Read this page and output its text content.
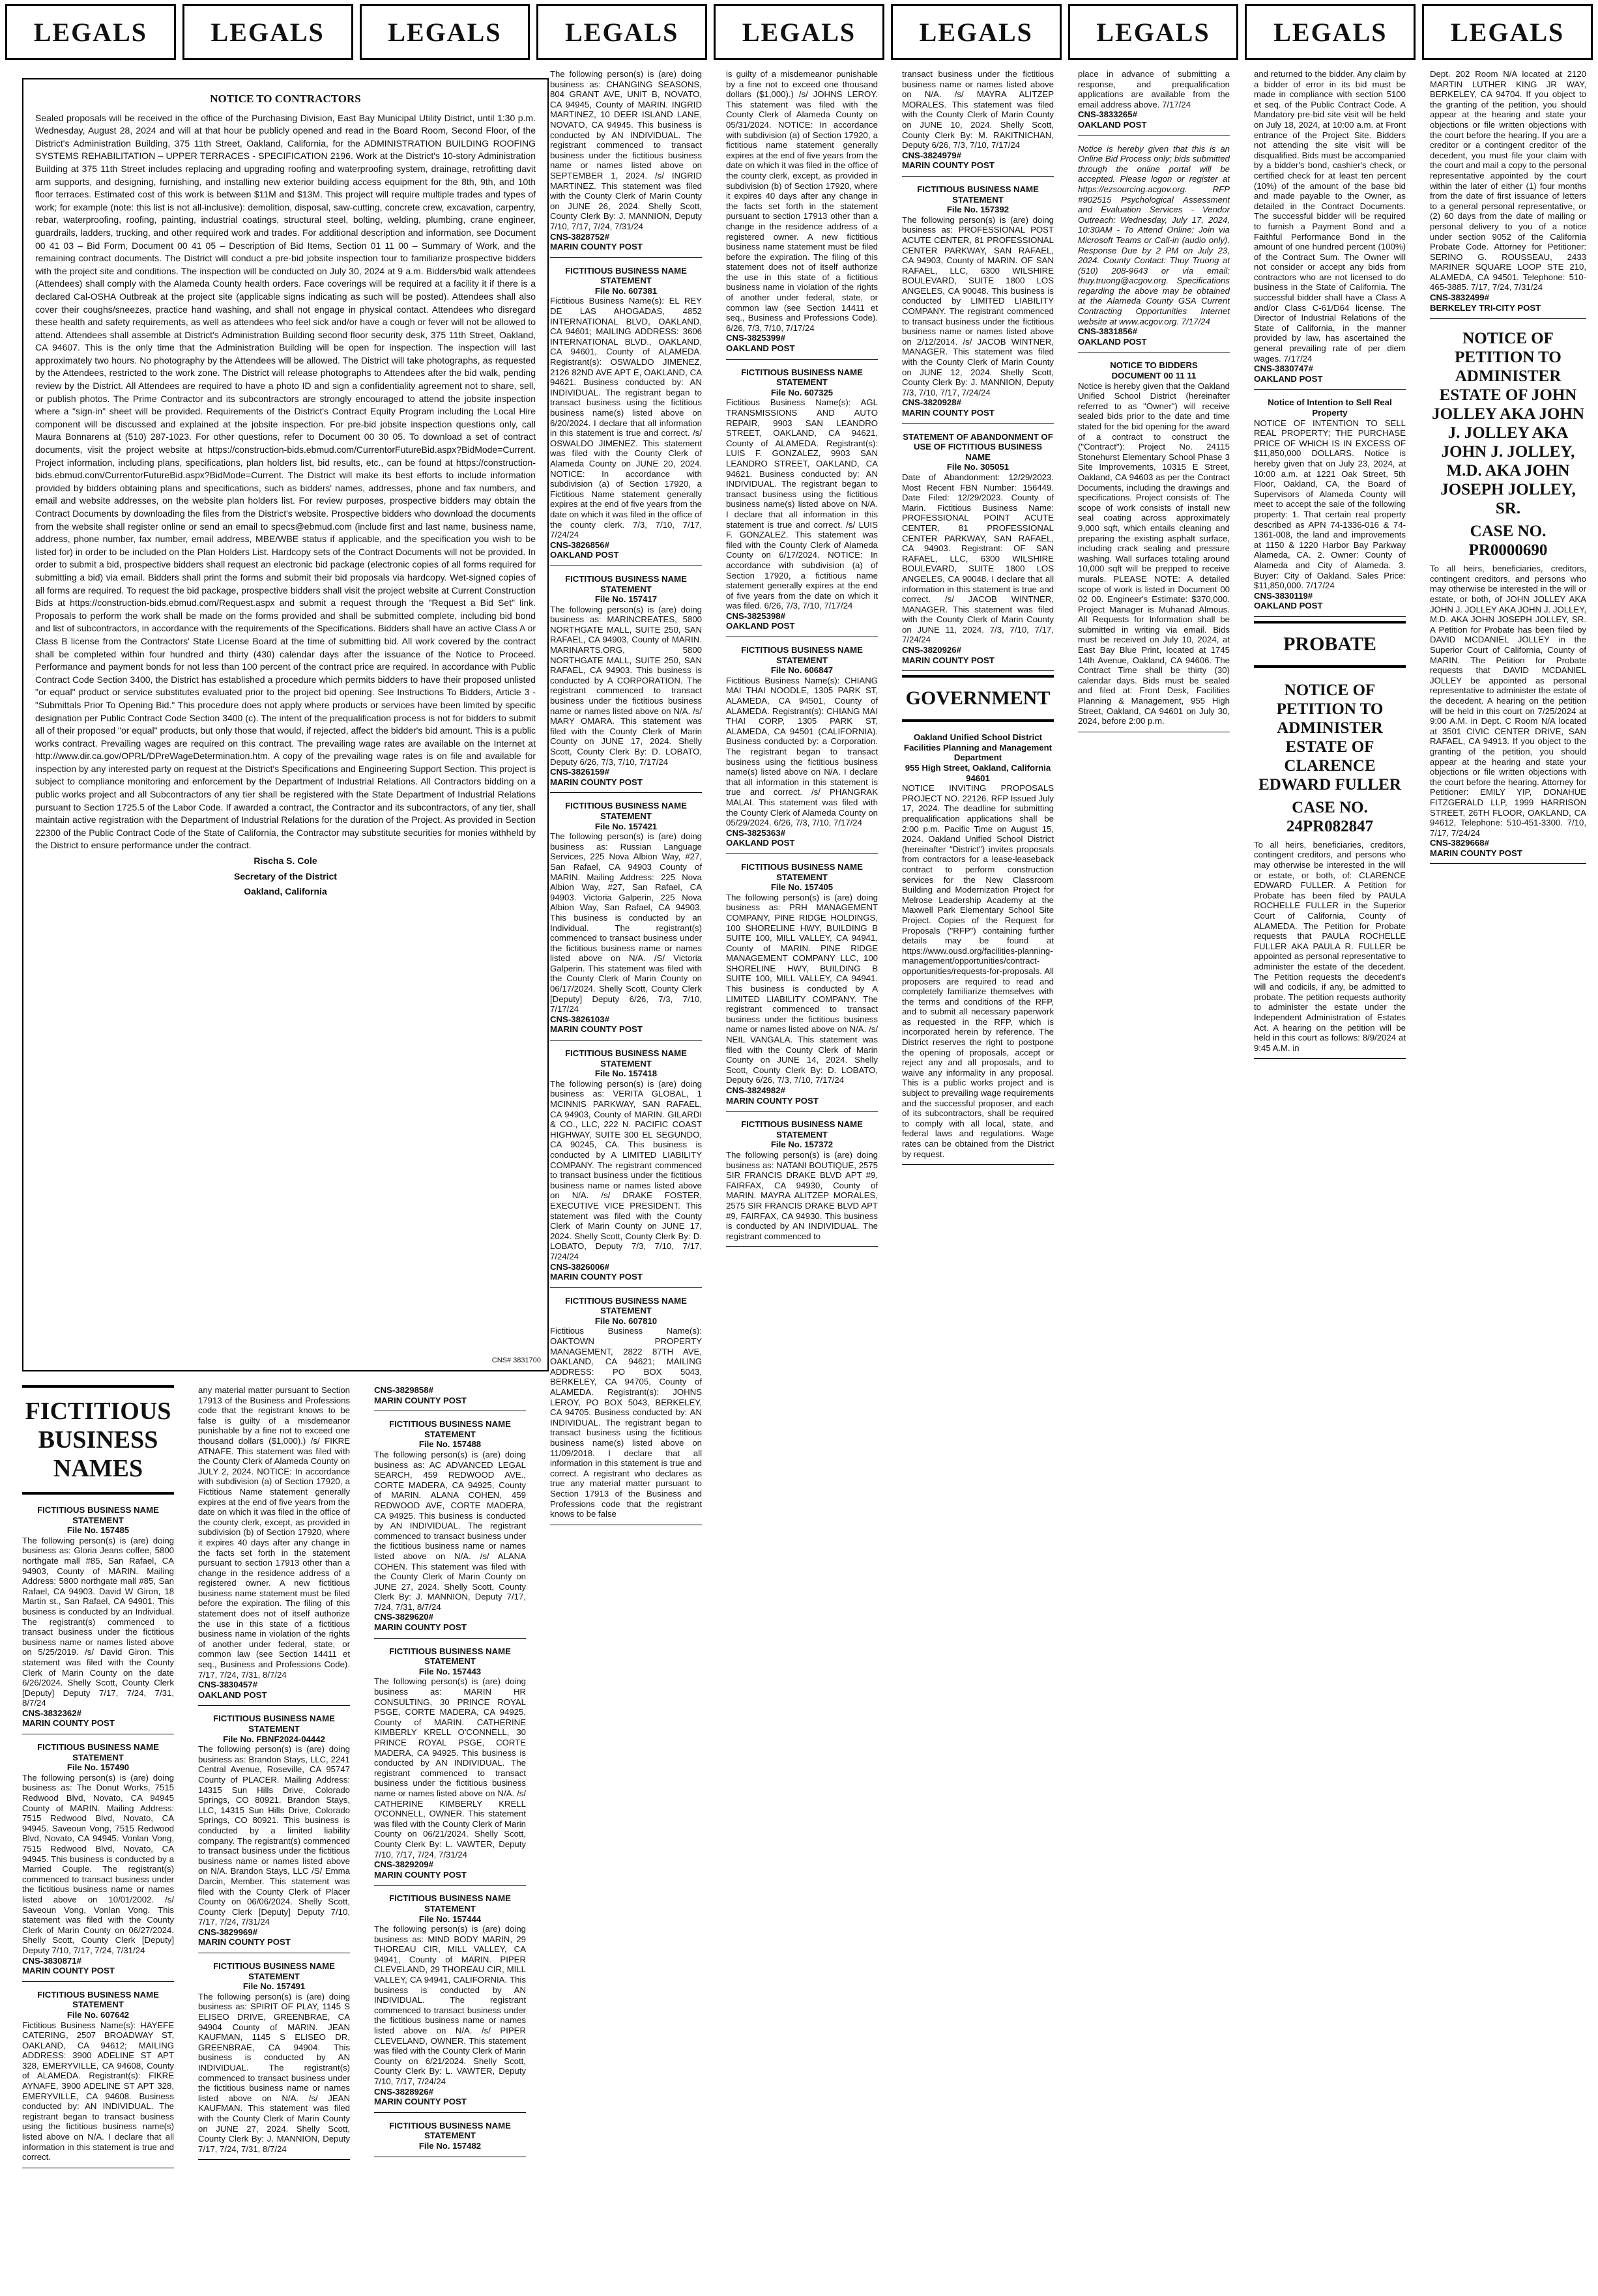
LEGALS LEGALS LEGALS LEGALS LEGALS LEGALS LEGALS LEGALS LEGALS
NOTICE TO CONTRACTORS

Sealed proposals will be received in the office of the Purchasing Division, East Bay Municipal Utility District, until 1:30 p.m. Wednesday, August 28, 2024 and will at that hour be publicly opened and read in the Board Room, Second Floor, of the District's Administration Building, 375 11th Street, Oakland, California, for the ADMINISTRATION BUILDING ROOFING SYSTEMS REHABILITATION – UPPER TERRACES - SPECIFICATION 2196. Work at the District's 10-story Administration Building at 375 11th Street includes replacing and upgrading roofing and waterproofing system, drainage, retrofitting davit arm supports, and designing, furnishing, and installing new exterior building access equipment for the 8th, 9th, and 10th floor terraces. Estimated cost of this work is between $11M and $13M. This project will require multiple trades and types of work; for example (note: this list is not all-inclusive): demolition, disposal, saw-cutting, concrete crew, excavation, carpentry, rebar, waterproofing, roofing, painting, industrial coatings, structural steel, bolting, welding, plumbing, crane engineer, guardrails, ladders, trucking, and other required work and trades. For additional description and information, see Document 00 41 03 – Bid Form, Document 00 41 05 – Description of Bid Items, Section 01 11 00 – Summary of Work, and the remaining contract documents. The District will conduct a pre-bid jobsite inspection tour to familiarize prospective bidders with the project site and conditions. The inspection will be conducted on July 30, 2024 at 9 a.m. Bidders/bid walk attendees (Attendees) shall comply with the Alameda County health orders. Face coverings will be required at a facility it if there is a declared Cal-OSHA Outbreak at the project site (applicable signs indicating as such will be posted). Attendees shall also cover their coughs/sneezes, practice hand washing, and shall not engage in physical contact. Attendees who disregard these health and safety requirements, as well as attendees who feel sick and/or have a cough or fever will not be allowed to attend. Attendees shall assemble at District's Administration Building second floor security desk, 375 11th Street, Oakland, CA 94607. This is the only time that the Administration Building will be open for inspection. The inspection will last approximately two hours. No photography by the Attendees will be allowed. The District will take photographs, as requested by the Attendees, restricted to the work zone. The District will release photographs to Attendees after the bid walk, pending review by the District. All Attendees are required to have a photo ID and sign a confidentiality agreement not to share, sell, or publish photos. The Prime Contractor and its subcontractors are strongly encouraged to attend the jobsite inspection where a "sign-in" sheet will be provided. Requirements of the District's Contract Equity Program including the Local Hire component will be discussed and explained at the jobsite inspection. For pre-bid jobsite inspection questions only, call Maura Bonnarens at (510) 287-1023. For other questions, refer to Document 00 30 05. To download a set of contract documents, visit the project website at https://construction-bids.ebmud.com/CurrentorFutureBid.aspx?BidMode=Current. Project information, including plans, specifications, plan holders list, bid results, etc., can be found at https://construction-bids.ebmud.com/CurrentorFutureBid.aspx?BidMode=Current. The District will make its best efforts to include information provided by bidders obtaining plans and specifications, such as bidders' names, addresses, phone and fax numbers, and email and website addresses, on the website plan holders list. For review purposes, prospective bidders may obtain the Contract Documents by downloading the files from the District's website. Prospective bidders who download the documents from the website shall register online or send an email to specs@ebmud.com (include first and last name, business name, address, phone number, fax number, email address, MBE/WBE status if applicable, and the specification you wish to be listed for) in order to be included on the Plan Holders List. Hardcopy sets of the Contract Documents will not be provided. In order to submit a bid, prospective bidders shall request an electronic bid package (electronic copies of all forms required for submitting a bid) via email. Bidders shall print the forms and submit their bid proposals via hardcopy. Wet-signed copies of all forms are required. To request the bid package, prospective bidders shall visit the project website at Current Construction Bids at https://construction-bids.ebmud.com/Request.aspx and submit a request through the "Request a Bid Set" link. Proposals to perform the work shall be made on the forms provided and shall be submitted complete, including bid bond and list of subcontractors, in accordance with the requirements of the Specifications. Bidders shall have an active Class A or Class B license from the Contractors' State License Board at the time of submitting bid. All work covered by the contract shall be completed within four hundred and thirty (430) calendar days after the issuance of the Notice to Proceed. Performance and payment bonds for not less than 100 percent of the contract price are required. In accordance with Public Contract Code Section 3400, the District has established a procedure which permits bidders to have their proposed unlisted "or equal" product or service substitutes evaluated prior to the project bid opening. See Instructions To Bidders, Article 3 - "Submittals Prior To Opening Bid." This procedure does not apply where products or services have been limited by specific designation per Public Contract Code Section 3400 (c). The intent of the prequalification process is not for bidders to submit all of their proposed "or equal" products, but only those that would, if rejected, affect the bidder's bid amount. This is a public works contract. Prevailing wages are required on this contract. The prevailing wage rates are available on the Internet at http://www.dir.ca.gov/OPRL/DPreWageDetermination.htm. A copy of the prevailing wage rates is on file and available for inspection by any interested party on request at the District's Specifications and Engineering Support Section. This project is subject to compliance monitoring and enforcement by the Department of Industrial Relations. All Contractors bidding on a public works project and all Subcontractors of any tier shall be registered with the State Department of Industrial Relations pursuant to Section 1725.5 of the Labor Code. If awarded a contract, the Contractor and its subcontractors, of any tier, shall maintain active registration with the Department of Industrial Relations for the duration of the Project. As provided in Section 22300 of the Public Contract Code of the State of California, the Contractor may substitute securities for monies withheld by the District to ensure performance under the contract.

Rischa S. Cole
Secretary of the District
Oakland, California
CNS# 3831700
FICTITIOUS BUSINESS NAMES
FICTITIOUS BUSINESS NAME STATEMENT
File No. 157485
The following person(s) is (are) doing business as: Gloria Jeans coffee, 5800 northgate mall #85, San Rafael, CA 94903, County of MARIN. Mailing Address: 5800 northgate mall #85, San Rafael, CA 94903. David W Giron, 18 Martin st., San Rafael, CA 94901. This business is conducted by an Individual. The registrant(s) commenced to transact business under the fictitious business name or names listed above on 5/25/2019. /s/ David Giron. This statement was filed with the County Clerk of Marin County on the date 6/26/2024. Shelly Scott, County Clerk [Deputy] Deputy 7/17, 7/24, 7/31, 8/7/24
CNS-3832362#
MARIN COUNTY POST
FICTITIOUS BUSINESS NAME STATEMENT
File No. 157490
The following person(s) is (are) doing business as: The Donut Works, 7515 Redwood Blvd, Novato, CA 94945 County of MARIN. Mailing Address: 7515 Redwood Blvd, Novato, CA 94945. Saveoun Vong, 7515 Redwood Blvd, Novato, CA 94945. Vonlan Vong, 7515 Redwood Blvd, Novato, CA 94945. This business is conducted by a Married Couple. The registrant(s) commenced to transact business under the fictitious business name or names listed above on 10/01/2002. /s/ Saveoun Vong, Vonlan Vong. This statement was filed with the County Clerk of Marin County on 06/27/2024. Shelly Scott, County Clerk [Deputy] Deputy 7/10, 7/17, 7/24, 7/31/24
CNS-3830871#
MARIN COUNTY POST
FICTITIOUS BUSINESS NAME STATEMENT
File No. 607642
Fictitious Business Name(s): HAYEFE CATERING, 2507 BROADWAY ST, OAKLAND, CA 94612; MAILING ADDRESS: 3900 ADELINE ST APT 328, EMERYVILLE, CA 94608, County of ALAMEDA. Registrant(s): FIKRE AYNAFE, 3900 ADELINE ST APT 328, EMERYVILLE, CA 94608. Business conducted by: AN INDIVIDUAL. The registrant began to transact business using the fictitious business name(s) listed above on N/A. I declare that all information in this statement is true and correct.
any material matter pursuant to Section 17913 of the Business and Professions code that the registrant knows to be false is guilty of a misdemeanor punishable by a fine not to exceed one thousand dollars ($1,000).) /s/ FIKRE ATNAFE. This statement was filed with the County Clerk of Alameda County on JULY 2, 2024. NOTICE: In accordance with subdivision (a) of Section 17920, a Fictitious Name statement generally expires at the end of five years from the date on which it was filed in the office of the county clerk, except, as provided in subdivision (b) of Section 17920, where it expires 40 days after any change in the facts set forth in the statement pursuant to section 17913 other than a change in the residence address of a registered owner. A new fictitious business name statement must be filed before the expiration. The filing of this statement does not of itself authorize the use in this state of a fictitious business name in violation of the rights of another under federal, state, or common law (see Section 14411 et seq., Business and Professions Code). 7/17, 7/24, 7/31, 8/7/24
CNS-3830457#
OAKLAND POST
FICTITIOUS BUSINESS NAME STATEMENT
File No. FBNF2024-04442
The following person(s) is (are) doing business as: Brandon Stays, LLC, 2241 Central Avenue, Roseville, CA 95747 County of PLACER. Mailing Address: 14315 Sun Hills Drive, Colorado Springs, CO 80921. Brandon Stays, LLC, 14315 Sun Hills Drive, Colorado Springs, CO 80921. This business is conducted by a limited liability company. The registrant(s) commenced to transact business under the fictitious business name or names listed above on N/A. Brandon Stays, LLC /S/ Emma Darcin, Member. This statement was filed with the County Clerk of Placer County on 06/06/2024. Shelly Scott, County Clerk [Deputy] Deputy 7/10, 7/17, 7/24, 7/31/24
CNS-3829969#
MARIN COUNTY POST
FICTITIOUS BUSINESS NAME STATEMENT
File No. 157491
The following person(s) is (are) doing business as: SPIRIT OF PLAY, 1145 S ELISEO DRIVE, GREENBRAE, CA 94904 County of MARIN. JEAN KAUFMAN, 1145 S ELISEO DR, GREENBRAE, CA 94904. This business is conducted by AN INDIVIDUAL. The registrant(s) commenced to transact business under the fictitious business name or names listed above on N/A. /s/ JEAN KAUFMAN. This statement was filed with the County Clerk of Marin County on JUNE 27, 2024. Shelly Scott, County Clerk By: J. MANNION, Deputy 7/17, 7/24, 7/31, 8/7/24
CNS-3829858#
MARIN COUNTY POST
FICTITIOUS BUSINESS NAME STATEMENT
File No. 157488
The following person(s) is (are) doing business as: AC ADVANCED LEGAL SEARCH, 459 REDWOOD AVE., CORTE MADERA, CA 94925, County of MARIN. ALANA COHEN, 459 REDWOOD AVE, CORTE MADERA, CA 94925. This business is conducted by AN INDIVIDUAL. The registrant commenced to transact business under the fictitious business name or names listed above on N/A. /s/ ALANA COHEN. This statement was filed with the County Clerk of Marin County on JUNE 27, 2024. Shelly Scott, County Clerk By: J. MANNION, Deputy 7/17, 7/24, 7/31, 8/7/24
CNS-3829620#
MARIN COUNTY POST
FICTITIOUS BUSINESS NAME STATEMENT
File No. 157443
The following person(s) is (are) doing business as: MARIN HR CONSULTING, 30 PRINCE ROYAL PSGE, CORTE MADERA, CA 94925, County of MARIN. CATHERINE KIMBERLY KRELL O'CONNELL, 30 PRINCE ROYAL PSGE, CORTE MADERA, CA 94925. This business is conducted by AN INDIVIDUAL. The registrant commenced to transact business under the fictitious business name or names listed above on N/A. /s/ CATHERINE KIMBERLY KRELL O'CONNELL, OWNER. This statement was filed with the County Clerk of Marin County on 06/21/2024. Shelly Scott, County Clerk By: L. VAWTER, Deputy 7/10, 7/17, 7/24, 7/31/24
CNS-3829209#
MARIN COUNTY POST
FICTITIOUS BUSINESS NAME STATEMENT
File No. 157444
The following person(s) is (are) doing business as: MIND BODY MARIN, 29 THOREAU CIR, MILL VALLEY, CA 94941, County of MARIN. PIPER CLEVELAND, 29 THOREAU CIR, MILL VALLEY, CA 94941, CALIFORNIA. This business is conducted by AN INDIVIDUAL. The registrant commenced to transact business under the fictitious business name or names listed above on N/A. /s/ PIPER CLEVELAND, OWNER. This statement was filed with the County Clerk of Marin County on 6/21/2024. Shelly Scott, County Clerk By: L. VAWTER, Deputy 7/10, 7/17, 7/24/24
CNS-3828926#
MARIN COUNTY POST
FICTITIOUS BUSINESS NAME STATEMENT
File No. 157482
The following person(s) is (are) doing business as: CHANGING SEASONS, 804 GRANT AVE, UNIT B, NOVATO, CA 94945, County of MARIN. INGRID MARTINEZ, 10 DEER ISLAND LANE, NOVATO, CA 94945. This business is conducted by AN INDIVIDUAL. The registrant commenced to transact business under the fictitious business name or names listed above on SEPTEMBER 1, 2024. /s/ INGRID MARTINEZ. This statement was filed with the County Clerk of Marin County on JUNE 26, 2024. Shelly Scott, County Clerk By: J. MANNION, Deputy 7/10, 7/17, 7/24, 7/31/24
CNS-3828752#
MARIN COUNTY POST
FICTITIOUS BUSINESS NAME STATEMENT
File No. 607381
Fictitious Business Name(s): EL REY DE LAS AHOGADAS, 4852 INTERNATIONAL BLVD, OAKLAND, CA 94601; MAILING ADDRESS: 3606 INTERNATIONAL BLVD., OAKLAND, CA 94601, County of ALAMEDA. Registrant(s): OSWALDO JIMENEZ, 2126 82ND AVE APT E, OAKLAND, CA 94621. Business conducted by: AN INDIVIDUAL. The registrant began to transact business using the fictitious business name(s) listed above on 6/20/2024. I declare that all information in this statement is true and correct. /s/ OSWALDO JIMENEZ. This statement was filed with the County Clerk of Alameda County on JUNE 20, 2024. NOTICE: In accordance with subdivision (a) of Section 17920, a Fictitious Name statement generally expires at the end of five years from the date on which it was filed in the office of the county clerk. 7/3, 7/10, 7/17, 7/24/24
CNS-3826856#
OAKLAND POST
FICTITIOUS BUSINESS NAME STATEMENT
File No. 157417
The following person(s) is (are) doing business as: MARINCREATES, 5800 NORTHGATE MALL, SUITE 250, SAN RAFAEL, CA 94903, County of MARIN. MARINARTS.ORG, 5800 NORTHGATE MALL, SUITE 250, SAN RAFAEL, CA 94903. This business is conducted by A CORPORATION. The registrant commenced to transact business under the fictitious business name or names listed above on N/A. /s/ MARY OMARA. This statement was filed with the County Clerk of Marin County on JUNE 17, 2024. Shelly Scott, County Clerk By: D. LOBATO, Deputy 6/26, 7/3, 7/10, 7/17/24
CNS-3826159#
MARIN COUNTY POST
FICTITIOUS BUSINESS NAME STATEMENT
File No. 157421
The following person(s) is (are) doing business as: Russian Language Services, 225 Nova Albion Way, #27, San Rafael, CA 94903 County of MARIN. Mailing Address: 225 Nova Albion Way, #27, San Rafael, CA 94903. Victoria Galperin, 225 Nova Albion Way, San Rafael, CA 94903. This business is conducted by an Individual. The registrant(s) commenced to transact business under the fictitious business name or names listed above on N/A. /S/ Victoria Galperin. This statement was filed with the County Clerk of Marin County on 06/17/2024. Shelly Scott, County Clerk [Deputy] Deputy 6/26, 7/3, 7/10, 7/17/24
CNS-3826103#
MARIN COUNTY POST
FICTITIOUS BUSINESS NAME STATEMENT
File No. 157418
The following person(s) is (are) doing business as: VERITA GLOBAL, 1 MCINNIS PARKWAY, SAN RAFAEL, CA 94903, County of MARIN. GILARDI & CO., LLC, 222 N. PACIFIC COAST HIGHWAY, SUITE 300 EL SEGUNDO, CA 90245, CA. This business is conducted by A LIMITED LIABILITY COMPANY. The registrant commenced to transact business under the fictitious business name or names listed above on N/A. /s/ DRAKE FOSTER, EXECUTIVE VICE PRESIDENT. This statement was filed with the County Clerk of Marin County on JUNE 17, 2024. Shelly Scott, County Clerk By: D. LOBATO, Deputy 7/3, 7/10, 7/17, 7/24/24
CNS-3826006#
MARIN COUNTY POST
FICTITIOUS BUSINESS NAME STATEMENT
File No. 607810
Fictitious Business Name(s): OAKTOWN PROPERTY MANAGEMENT, 2822 87TH AVE, OAKLAND, CA 94621; MAILING ADDRESS: PO BOX 5043, BERKELEY, CA 94705, County of ALAMEDA. Registrant(s): JOHNS LEROY, PO BOX 5043, BERKELEY, CA 94705. Business conducted by: AN INDIVIDUAL. The registrant began to transact business using the fictitious business name(s) listed above on 11/09/2018. I declare that all information in this statement is true and correct. A registrant who declares as true any material matter pursuant to Section 17913 of the Business and Professions code that the registrant knows to be false
is guilty of a misdemeanor punishable by a fine not to exceed one thousand dollars ($1,000).) /s/ JOHNS LEROY. This statement was filed with the County Clerk of Alameda County on 05/31/2024. NOTICE: In accordance with subdivision (a) of Section 17920, a fictitious name statement generally expires at the end of five years from the date on which it was filed in the office of the county clerk, except, as provided in subdivision (b) of Section 17920, where it expires 40 days after any change in the facts set forth in the statement pursuant to section 17913 other than a change in the residence address of a registered owner. A new fictitious business name statement must be filed before the expiration. The filing of this statement does not of itself authorize the use in this state of a fictitious business name in violation of the rights of another under federal, state, or common law (see Section 14411 et seq., Business and Professions Code). 6/26, 7/3, 7/10, 7/17/24
CNS-3825399#
OAKLAND POST
FICTITIOUS BUSINESS NAME STATEMENT
File No. 607325
Fictitious Business Name(s): AGL TRANSMISSIONS AND AUTO REPAIR, 9903 SAN LEANDRO STREET, OAKLAND, CA 94621, County of ALAMEDA. Registrant(s): LUIS F. GONZALEZ, 9903 SAN LEANDRO STREET, OAKLAND, CA 94621. Business conducted by: AN INDIVIDUAL. The registrant began to transact business using the fictitious business name(s) listed above on N/A. I declare that all information in this statement is true and correct. /s/ LUIS F. GONZALEZ. This statement was filed with the County Clerk of Alameda County on 6/17/2024. NOTICE: In accordance with subdivision (a) of Section 17920, a fictitious name statement generally expires at the end of five years from the date on which it was filed. 6/26, 7/3, 7/10, 7/17/24
CNS-3825398#
OAKLAND POST
FICTITIOUS BUSINESS NAME STATEMENT
File No. 606847
Fictitious Business Name(s): CHIANG MAI THAI NOODLE, 1305 PARK ST, ALAMEDA, CA 94501, County of ALAMEDA. Registrant(s): CHIANG MAI THAI CORP, 1305 PARK ST, ALAMEDA, CA 94501 (CALIFORNIA). Business conducted by: a Corporation. The registrant began to transact business using the fictitious business name(s) listed above on N/A. I declare that all information in this statement is true and correct. /s/ PHANGRAK MALAI. This statement was filed with the County Clerk of Alameda County on 05/29/2024. 6/26, 7/3, 7/10, 7/17/24
CNS-3825363#
OAKLAND POST
FICTITIOUS BUSINESS NAME STATEMENT
File No. 157405
The following person(s) is (are) doing business as: PRH MANAGEMENT COMPANY, PINE RIDGE HOLDINGS, 100 SHORELINE HWY, BUILDING B SUITE 100, MILL VALLEY, CA 94941, County of MARIN. PINE RIDGE MANAGEMENT COMPANY LLC, 100 SHORELINE HWY, BUILDING B SUITE 100, MILL VALLEY, CA 94941. This business is conducted by A LIMITED LIABILITY COMPANY. The registrant commenced to transact business under the fictitious business name or names listed above on N/A. /s/ NEIL VANGALA. This statement was filed with the County Clerk of Marin County on JUNE 14, 2024. Shelly Scott, County Clerk By: D. LOBATO, Deputy 6/26, 7/3, 7/10, 7/17/24
CNS-3824982#
MARIN COUNTY POST
FICTITIOUS BUSINESS NAME STATEMENT
File No. 157372
The following person(s) is (are) doing business as: NATANI BOUTIQUE, 2575 SIR FRANCIS DRAKE BLVD APT #9, FAIRFAX, CA 94930, County of MARIN. MAYRA ALITZEP MORALES, 2575 SIR FRANCIS DRAKE BLVD APT #9, FAIRFAX, CA 94930. This business is conducted by AN INDIVIDUAL. The registrant commenced to
transact business under the fictitious business name or names listed above on N/A. /s/ MAYRA ALITZEP MORALES. This statement was filed with the County Clerk of Marin County on JUNE 10, 2024. Shelly Scott, County Clerk By: M. RAKITNICHAN, Deputy 6/26, 7/3, 7/10, 7/17/24
CNS-3824979#
MARIN COUNTY POST
FICTITIOUS BUSINESS NAME STATEMENT
File No. 157392
The following person(s) is (are) doing business as: PROFESSIONAL POST ACUTE CENTER, 81 PROFESSIONAL CENTER PARKWAY, SAN RAFAEL, CA 94903, County of MARIN. OF SAN RAFAEL, LLC, 6300 WILSHIRE BOULEVARD, SUITE 1800 LOS ANGELES, CA 90048. This business is conducted by LIMITED LIABILITY COMPANY. The registrant commenced to transact business under the fictitious business name or names listed above on 2/12/2014. /s/ JACOB WINTNER, MANAGER. This statement was filed with the County Clerk of Marin County on JUNE 12, 2024. Shelly Scott, County Clerk By: J. MANNION, Deputy 7/3, 7/10, 7/17, 7/24/24
CNS-3820928#
MARIN COUNTY POST
STATEMENT OF ABANDONMENT OF USE OF FICTITIOUS BUSINESS NAME
File No. 305051
Date of Abandonment: 12/29/2023. Most Recent FBN Number: 156449. Date Filed: 12/29/2023. County of Marin. Fictitious Business Name: PROFESSIONAL POINT ACUTE CENTER, 81 PROFESSIONAL CENTER PARKWAY, SAN RAFAEL, CA 94903. Registrant: OF SAN RAFAEL, LLC, 6300 WILSHIRE BOULEVARD, SUITE 1800 LOS ANGELES, CA 90048. I declare that all information in this statement is true and correct. /s/ JACOB WINTNER, MANAGER. This statement was filed with the County Clerk of Marin County on JUNE 11, 2024. 7/3, 7/10, 7/17, 7/24/24
CNS-3820926#
MARIN COUNTY POST
GOVERNMENT
Oakland Unified School District Facilities Planning and Management Department
955 High Street, Oakland, California 94601
NOTICE INVITING PROPOSALS PROJECT NO. 22126. RFP Issued July 17, 2024. The deadline for submitting prequalification applications shall be 2:00 p.m. Pacific Time on August 15, 2024. Oakland Unified School District (hereinafter "District") invites proposals from contractors for a lease-leaseback contract to perform construction services for the New Classroom Building and Modernization Project for Melrose Leadership Academy at the Maxwell Park Elementary School Site Project. Copies of the Request for Proposals ("RFP") containing further details may be found at https://www.ousd.org/facilities-planning-management/opportunities/contract-opportunities/requests-for-proposals. All proposers are required to read and completely familiarize themselves with the terms and conditions of the RFP, and to submit all necessary paperwork as requested in the RFP, which is incorporated herein by reference. The District reserves the right to postpone the opening of proposals, accept or reject any and all proposals, and to waive any informality in any proposal. This is a public works project and is subject to prevailing wage requirements and the successful proposer, and each of its subcontractors, shall be required to comply with all local, state, and federal laws and regulations. Wage rates can be obtained from the District by request.
place in advance of submitting a response, and prequalification applications are available from the email address above. 7/17/24
CNS-3833265#
OAKLAND POST
Notice is hereby given that this is an Online Bid Process only; bids submitted through the online portal will be accepted. Please logon or register at https://ezsourcing.acgov.org. RFP #902515 Psychological Assessment and Evaluation Services - Vendor Outreach: Wednesday, July 17, 2024, 10:30AM - To Attend Online: Join via Microsoft Teams or Call-in (audio only). Response Due by 2 PM on July 23, 2024. County Contact: Thuy Truong at (510) 208-9643 or via email: thuy.truong@acgov.org. Specifications regarding the above may be obtained at the Alameda County GSA Current Contracting Opportunities Internet website at www.acgov.org. 7/17/24
CNS-3831856#
OAKLAND POST
NOTICE TO BIDDERS
DOCUMENT 00 11 11
Notice is hereby given that the Oakland Unified School District (hereinafter referred to as "Owner") will receive sealed bids prior to the date and time stated for the bid opening for the award of a contract to construct the ("Contract"): Project No. 24115 Stonehurst Elementary School Phase 3 Site Improvements, 10315 E Street, Oakland, CA 94603 as per the Contract Documents, including the drawings and specifications. Project consists of: The scope of work consists of install new seal coating across approximately 9,000 sqft, which entails cleaning and preparing the existing asphalt surface, including crack sealing and pressure washing. Wall surfaces totaling around 10,000 sqft will be prepped to receive murals. PLEASE NOTE: A detailed scope of work is listed in Document 00 02 00. Engineer's Estimate: $370,000. Project Manager is Muhanad Almous. All Requests for Information shall be submitted in writing via email. Bids must be received on July 10, 2024, at East Bay Blue Print, located at 1745 14th Avenue, Oakland, CA 94606. The Contract Time shall be thirty (30) calendar days. Bids must be sealed and filed at: Front Desk, Facilities Planning & Management, 955 High Street, Oakland, CA 94601 on July 30, 2024, before 2:00 p.m.
and returned to the bidder. Any claim by a bidder of error in its bid must be made in compliance with section 5100 et seq. of the Public Contract Code. A Mandatory pre-bid site visit will be held on July 18, 2024, at 10:00 a.m. at Front entrance of the Project Site. Bidders not attending the site visit will be disqualified. Bids must be accompanied by a bidder's bond, cashier's check, or certified check for at least ten percent (10%) of the amount of the base bid and made payable to the Owner, as detailed in the Contract Documents. The successful bidder will be required to furnish a Payment Bond and a Faithful Performance Bond in the amount of one hundred percent (100%) of the Contract Sum. The Owner will not consider or accept any bids from contractors who are not licensed to do business in the State of California. The successful bidder shall have a Class A and/or Class C-61/D64 license. The Director of Industrial Relations of the State of California, in the manner provided by law, has ascertained the general prevailing rate of per diem wages. 7/17/24
CNS-3830747#
OAKLAND POST
Notice of Intention to Sell Real Property
NOTICE OF INTENTION TO SELL REAL PROPERTY; THE PURCHASE PRICE OF WHICH IS IN EXCESS OF $11,850,000 DOLLARS. Notice is hereby given that on July 23, 2024, at 10:00 a.m. at 1221 Oak Street, 5th Floor, Oakland, CA, the Board of Supervisors of Alameda County will meet to accept the sale of the following property: 1. That certain real property described as APN 74-1336-016 & 74-1361-008, the land and improvements at 1150 & 1220 Harbor Bay Parkway Alameda, CA. 2. Owner: County of Alameda and City of Alameda. 3. Buyer: City of Oakland. Sales Price: $11,850,000. 7/17/24
CNS-3830119#
OAKLAND POST
PROBATE
NOTICE OF PETITION TO ADMINISTER ESTATE OF CLARENCE EDWARD FULLER
CASE NO. 24PR082847
To all heirs, beneficiaries, creditors, contingent creditors, and persons who may otherwise be interested in the will or estate, or both, of: CLARENCE EDWARD FULLER. A Petition for Probate has been filed by PAULA ROCHELLE FULLER in the Superior Court of California, County of ALAMEDA. The Petition for Probate requests that PAULA ROCHELLE FULLER AKA PAULA R. FULLER be appointed as personal representative to administer the estate of the decedent. The Petition requests the decedent's will and codicils, if any, be admitted to probate. The petition requests authority to administer the estate under the Independent Administration of Estates Act. A hearing on the petition will be held in this court as follows: 8/9/2024 at 9:45 A.M. in
Dept. 202 Room N/A located at 2120 MARTIN LUTHER KING JR WAY, BERKELEY, CA 94704. If you object to the granting of the petition, you should appear at the hearing and state your objections or file written objections with the court before the hearing. If you are a creditor or a contingent creditor of the decedent, you must file your claim with the court and mail a copy to the personal representative appointed by the court within the later of either (1) four months from the date of first issuance of letters to a general personal representative, or (2) 60 days from the date of mailing or personal delivery to you of a notice under section 9052 of the California Probate Code. Attorney for Petitioner: SERINO G. ROUSSEAU, 2433 MARINER SQUARE LOOP STE 210, ALAMEDA, CA 94501. Telephone: 510-465-3885. 7/17, 7/24, 7/31/24
CNS-3832499#
BERKELEY TRI-CITY POST
NOTICE OF PETITION TO ADMINISTER ESTATE OF JOHN JOLLEY AKA JOHN J. JOLLEY AKA JOHN J. JOLLEY, M.D. AKA JOHN JOSEPH JOLLEY, SR.
CASE NO. PR0000690
To all heirs, beneficiaries, creditors, contingent creditors, and persons who may otherwise be interested in the will or estate, or both, of JOHN JOLLEY AKA JOHN J. JOLLEY AKA JOHN J. JOLLEY, M.D. AKA JOHN JOSEPH JOLLEY, SR. A Petition for Probate has been filed by DAVID MCDANIEL JOLLEY in the Superior Court of California, County of MARIN. The Petition for Probate requests that DAVID MCDANIEL JOLLEY be appointed as personal representative to administer the estate of the decedent. A hearing on the petition will be held in this court on 7/25/2024 at 9:00 A.M. in Dept. C Room N/A located at 3501 CIVIC CENTER DRIVE, SAN RAFAEL, CA 94913. If you object to the granting of the petition, you should appear at the hearing and state your objections or file written objections with the court before the hearing. Attorney for Petitioner: EMILY YIP, DONAHUE FITZGERALD LLP, 1999 HARRISON STREET, 26TH FLOOR, OAKLAND, CA 94612, Telephone: 510-451-3300. 7/10, 7/17, 7/24/24
CNS-3829668#
MARIN COUNTY POST
